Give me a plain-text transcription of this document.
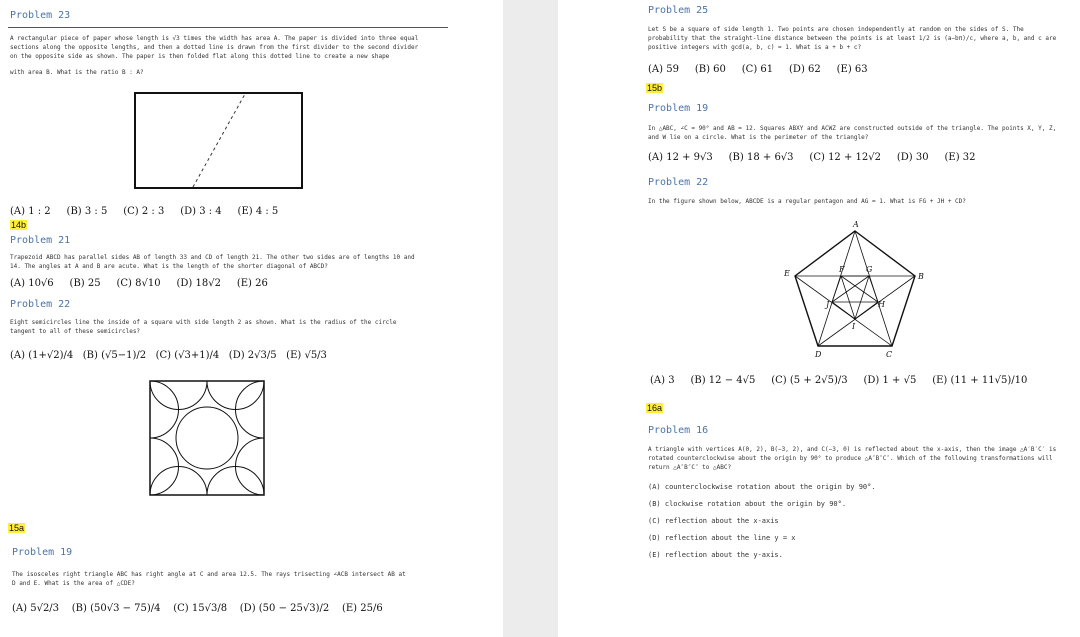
Problem 23
A rectangular piece of paper whose length is √3 times the width has area A. The paper is divided into three equal sections along the opposite lengths, and then a dotted line is drawn from the first divider to the second divider on the opposite side as shown. The paper is then folded flat along this dotted line to create a new shape
with area B. What is the ratio B : A?
(A) 1 : 2     (B) 3 : 5     (C) 2 : 3     (D) 3 : 4     (E) 4 : 5
14b
Problem 21
Trapezoid ABCD has parallel sides AB of length 33 and CD of length 21. The other two sides are of lengths 10 and 14. The angles at A and B are acute. What is the length of the shorter diagonal of ABCD?
(A) 10√6     (B) 25     (C) 8√10     (D) 18√2     (E) 26
Problem 22
Eight semicircles line the inside of a square with side length 2 as shown. What is the radius of the circle tangent to all of these semicircles?
(A) (1+√2)/4   (B) (√5−1)/2   (C) (√3+1)/4   (D) 2√3/5   (E) √5/3
15a
Problem 19
The isosceles right triangle ABC has right angle at C and area 12.5. The rays trisecting ∠ACB intersect AB at D and E. What is the area of △CDE?
(A) 5√2/3    (B) (50√3 − 75)/4    (C) 15√3/8    (D) (50 − 25√3)/2    (E) 25/6
Problem 25
Let S be a square of side length 1. Two points are chosen independently at random on the sides of S. The probability that the straight-line distance between the points is at least 1/2 is (a−bπ)/c, where a, b, and c are positive integers with gcd(a, b, c) = 1. What is a + b + c?
(A) 59     (B) 60     (C) 61     (D) 62     (E) 63
15b
Problem 19
In △ABC, ∠C = 90° and AB = 12. Squares ABXY and ACWZ are constructed outside of the triangle. The points X, Y, Z, and W lie on a circle. What is the perimeter of the triangle?
(A) 12 + 9√3     (B) 18 + 6√3     (C) 12 + 12√2     (D) 30     (E) 32
Problem 22
In the figure shown below, ABCDE is a regular pentagon and AG = 1. What is FG + JH + CD?
A
B
C
D
E	F	G
H
I
J
(A) 3     (B) 12 − 4√5     (C) (5 + 2√5)/3     (D) 1 + √5     (E) (11 + 11√5)/10
16a
Problem 16
A triangle with vertices A(0, 2), B(−3, 2), and C(−3, 0) is reflected about the x-axis, then the image △A′B′C′ is rotated counterclockwise about the origin by 90° to produce △A″B″C″. Which of the following transformations will return △A″B″C″ to △ABC?
(A) counterclockwise rotation about the origin by 90°.
(B) clockwise rotation about the origin by 90°.
(C) reflection about the x-axis
(D) reflection about the line y = x
(E) reflection about the y-axis.
